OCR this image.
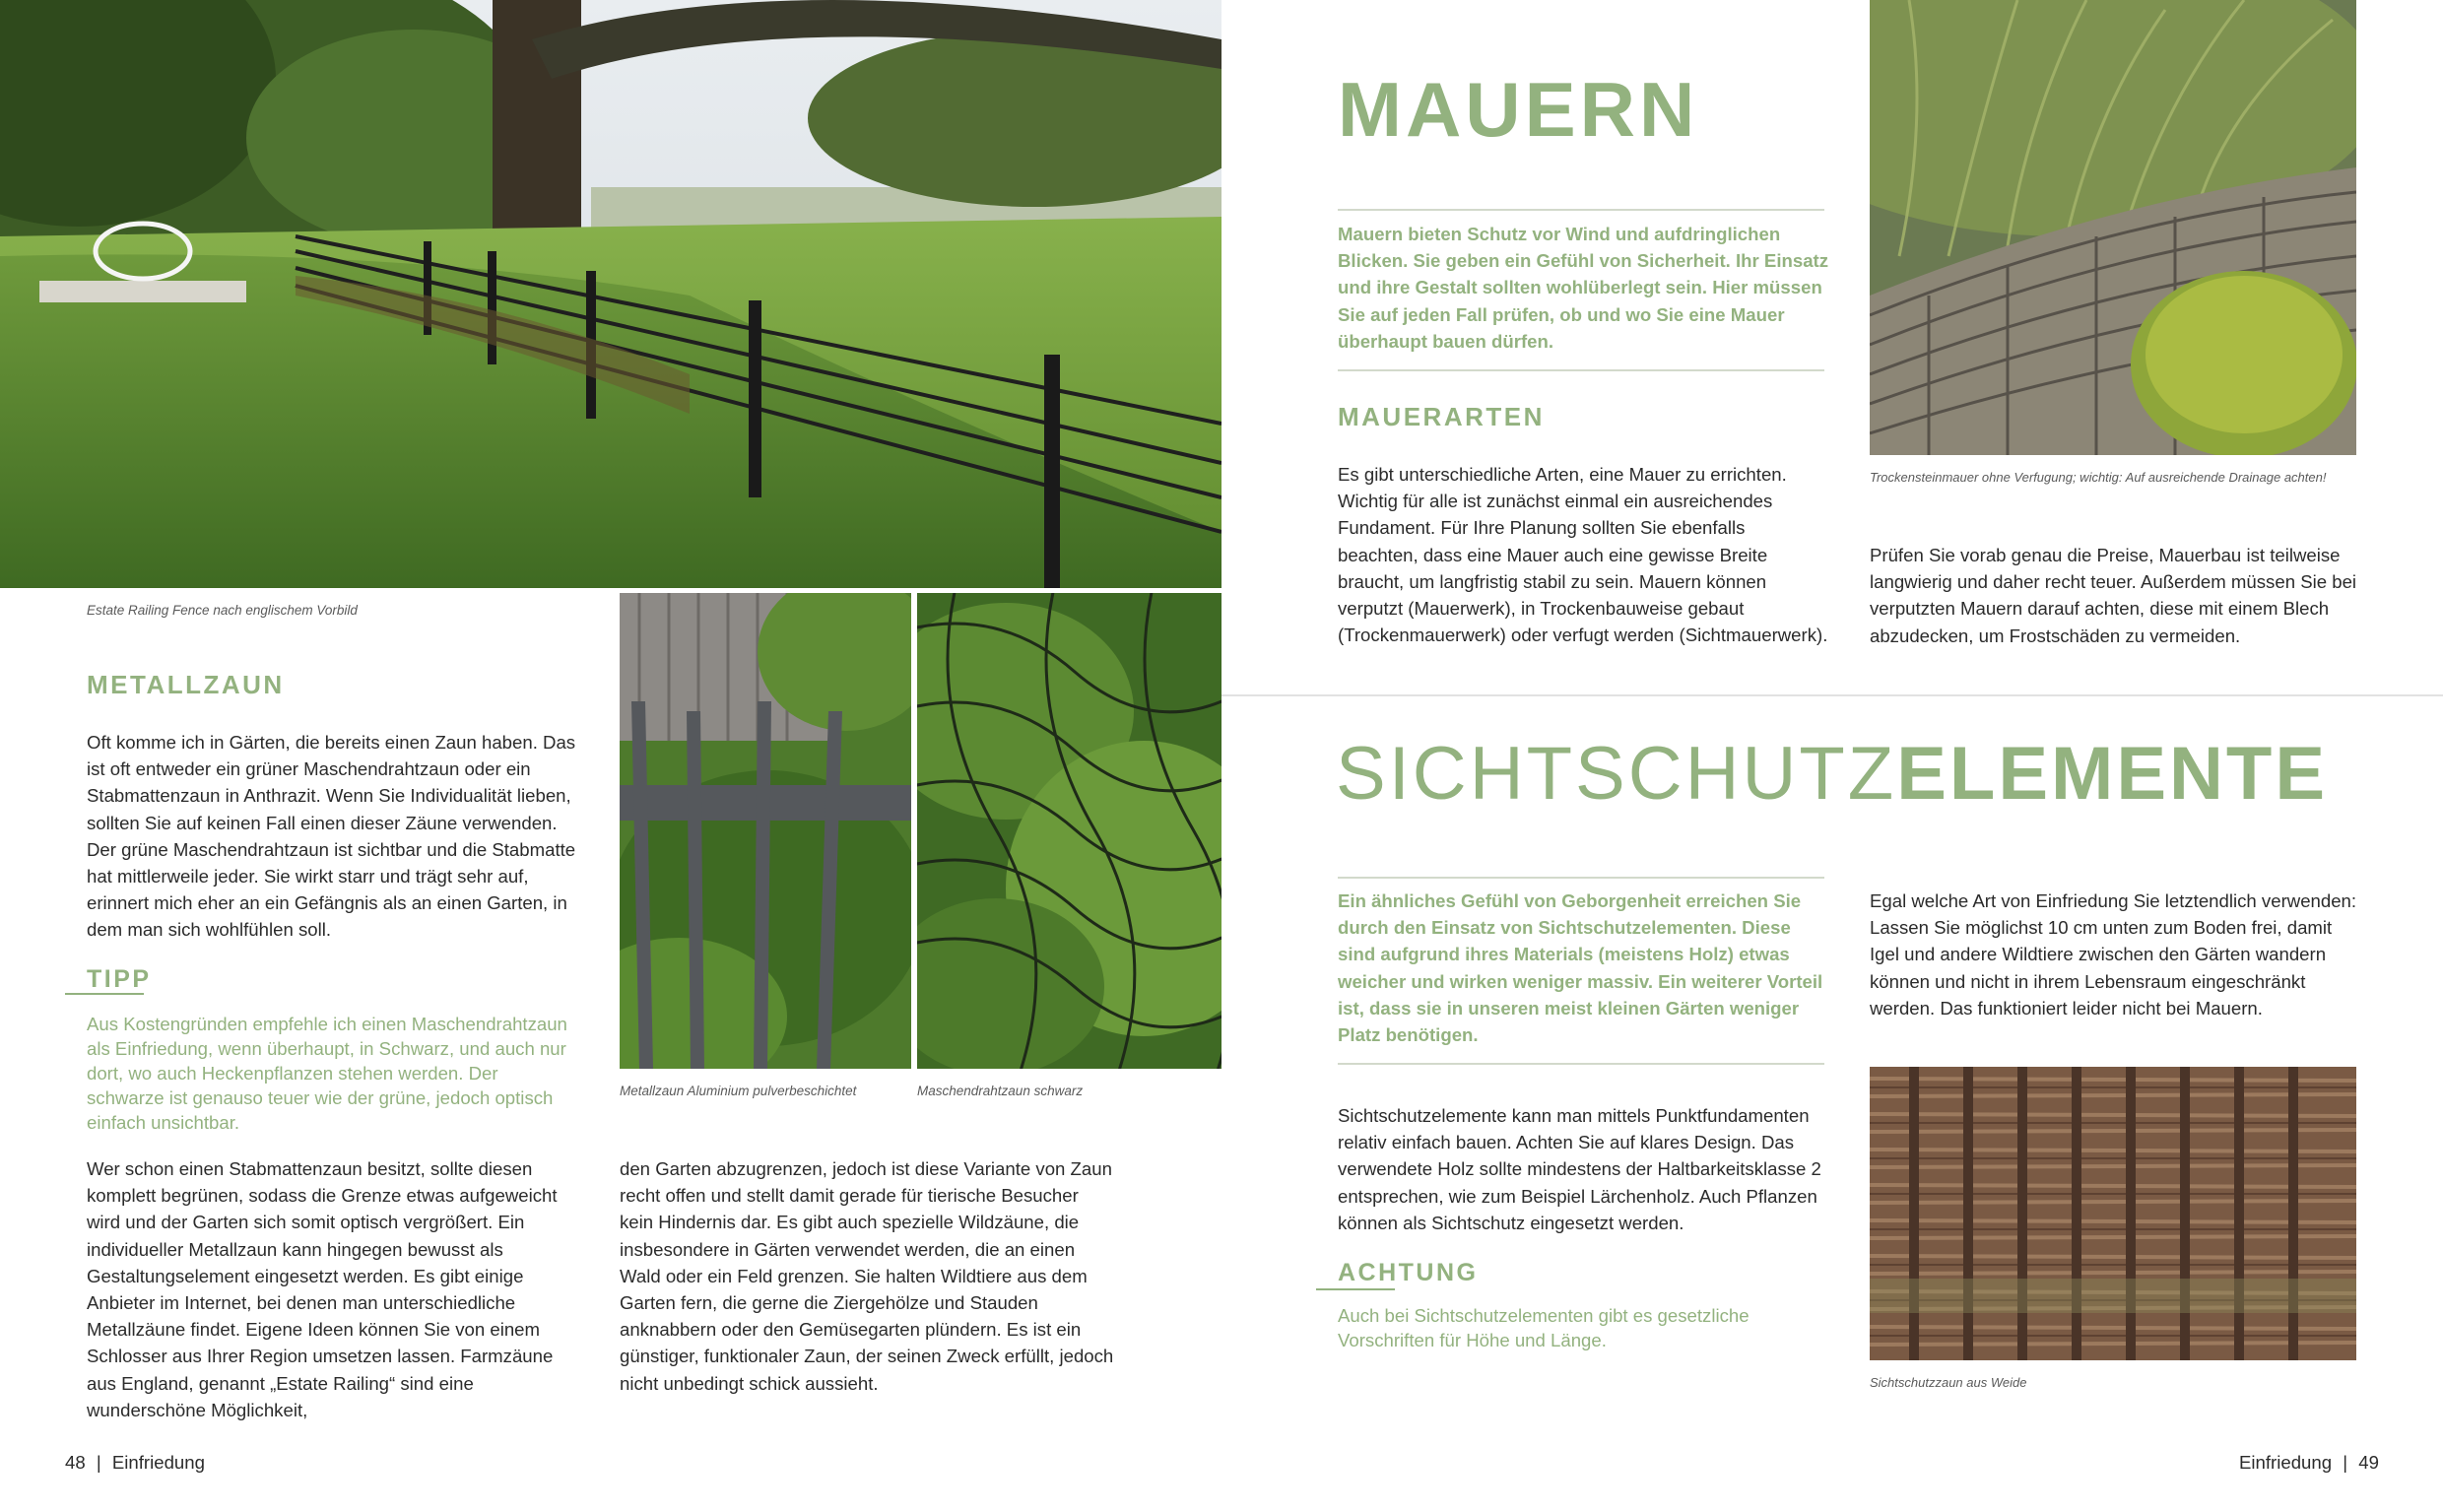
Estate Railing Fence nach englischem Vorbild
METALLZAUN

Oft komme ich in Gärten, die bereits einen Zaun haben. Das ist oft entweder ein grüner Maschendrahtzaun oder ein Stabmattenzaun in Anthrazit. Wenn Sie Individualität lieben, sollten Sie auf keinen Fall einen dieser Zäune verwenden. Der grüne Maschendrahtzaun ist sichtbar und die Stabmatte hat mittlerweile jeder. Sie wirkt starr und trägt sehr auf, erinnert mich eher an ein Gefängnis als an einen Garten, in dem man sich wohlfühlen soll.

TIPP
Aus Kostengründen empfehle ich einen Maschendrahtzaun als Einfriedung, wenn überhaupt, in Schwarz, und auch nur dort, wo auch Heckenpflanzen stehen werden. Der schwarze ist genauso teuer wie der grüne, jedoch optisch einfach unsichtbar.

Wer schon einen Stabmattenzaun besitzt, sollte diesen komplett begrünen, sodass die Grenze etwas aufgeweicht wird und der Garten sich somit optisch vergrößert. Ein individueller Metallzaun kann hingegen bewusst als Gestaltungselement eingesetzt werden. Es gibt einige Anbieter im Internet, bei denen man unterschiedliche Metallzäune findet. Eigene Ideen können Sie von einem Schlosser aus Ihrer Region umsetzen lassen. Farmzäune aus England, genannt „Estate Railing“ sind eine wunderschöne Möglichkeit,

Metallzaun Aluminium pulverbeschichtet	Maschendrahtzaun schwarz

den Garten abzugrenzen, jedoch ist diese Variante von Zaun recht offen und stellt damit gerade für tierische Besucher kein Hindernis dar. Es gibt auch spezielle Wildzäune, die insbesondere in Gärten verwendet werden, die an einen Wald oder ein Feld grenzen. Sie halten Wildtiere aus dem Garten fern, die gerne die Ziergehölze und Stauden anknabbern oder den Gemüsegarten plündern. Es ist ein günstiger, funktionaler Zaun, der seinen Zweck erfüllt, jedoch nicht unbedingt schick aussieht.

48 | Einfriedung
MAUERN
Mauern bieten Schutz vor Wind und aufdringlichen Blicken. Sie geben ein Gefühl von Sicherheit. Ihr Einsatz und ihre Gestalt sollten wohlüberlegt sein. Hier müssen Sie auf jeden Fall prüfen, ob und wo Sie eine Mauer überhaupt bauen dürfen.
MAUERARTEN

Es gibt unterschiedliche Arten, eine Mauer zu errichten. Wichtig für alle ist zunächst einmal ein ausreichendes Fundament. Für Ihre Planung sollten Sie ebenfalls beachten, dass eine Mauer auch eine gewisse Breite braucht, um langfristig stabil zu sein. Mauern können verputzt (Mauerwerk), in Trockenbauweise gebaut (Trockenmauerwerk) oder verfugt werden (Sichtmauerwerk).

Trockensteinmauer ohne Verfugung; wichtig: Auf ausreichende Drainage achten!

Prüfen Sie vorab genau die Preise, Mauerbau ist teilweise langwierig und daher recht teuer. Außerdem müssen Sie bei verputzten Mauern darauf achten, diese mit einem Blech abzudecken, um Frostschäden zu vermeiden.

SICHTSCHUTZELEMENTE
Ein ähnliches Gefühl von Geborgenheit erreichen Sie durch den Einsatz von Sichtschutzelementen. Diese sind aufgrund ihres Materials (meistens Holz) etwas weicher und wirken weniger massiv. Ein weiterer Vorteil ist, dass sie in unseren meist kleinen Gärten weniger Platz benötigen.

Egal welche Art von Einfriedung Sie letztendlich verwenden: Lassen Sie möglichst 10 cm unten zum Boden frei, damit Igel und andere Wildtiere zwischen den Gärten wandern können und nicht in ihrem Lebensraum eingeschränkt werden. Das funktioniert leider nicht bei Mauern.

Sichtschutzelemente kann man mittels Punktfundamenten relativ einfach bauen. Achten Sie auf klares Design. Das verwendete Holz sollte mindestens der Haltbarkeitsklasse 2 entsprechen, wie zum Beispiel Lärchenholz. Auch Pflanzen können als Sichtschutz eingesetzt werden.

ACHTUNG
Auch bei Sichtschutzelementen gibt es gesetzliche Vorschriften für Höhe und Länge.
Sichtschutzzaun aus Weide
Einfriedung | 49
